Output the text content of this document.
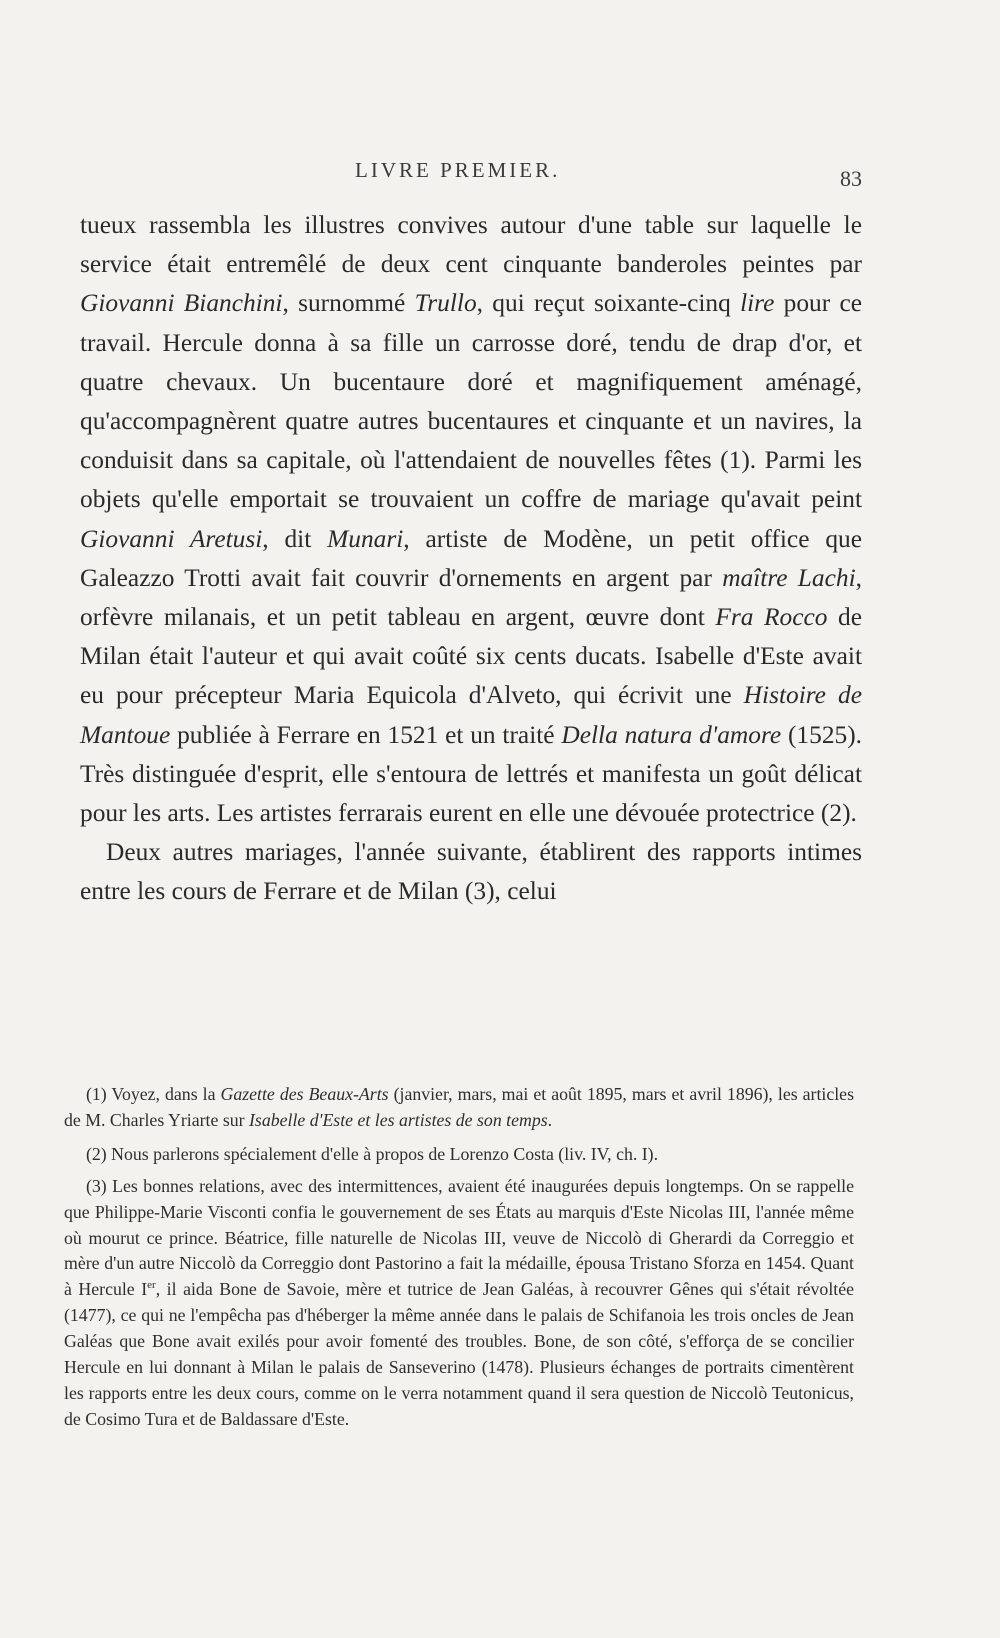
LIVRE PREMIER.	83

tueux rassembla les illustres convives autour d'une table sur laquelle le service était entremêlé de deux cent cinquante banderoles peintes par Giovanni Bianchini, surnommé Trullo, qui reçut soixante-cinq lire pour ce travail. Hercule donna à sa fille un carrosse doré, tendu de drap d'or, et quatre chevaux. Un bucentaure doré et magnifiquement aménagé, qu'accompagnèrent quatre autres bucentaures et cinquante et un navires, la conduisit dans sa capitale, où l'attendaient de nouvelles fêtes (1). Parmi les objets qu'elle emportait se trouvaient un coffre de mariage qu'avait peint Giovanni Aretusi, dit Munari, artiste de Modène, un petit office que Galeazzo Trotti avait fait couvrir d'ornements en argent par maître Lachi, orfèvre milanais, et un petit tableau en argent, œuvre dont Fra Rocco de Milan était l'auteur et qui avait coûté six cents ducats. Isabelle d'Este avait eu pour précepteur Maria Equicola d'Alveto, qui écrivit une Histoire de Mantoue publiée à Ferrare en 1521 et un traité Della natura d'amore (1525). Très distinguée d'esprit, elle s'entoura de lettrés et manifesta un goût délicat pour les arts. Les artistes ferrarais eurent en elle une dévouée protectrice (2).

Deux autres mariages, l'année suivante, établirent des rapports intimes entre les cours de Ferrare et de Milan (3), celui

(1) Voyez, dans la Gazette des Beaux-Arts (janvier, mars, mai et août 1895, mars et avril 1896), les articles de M. Charles Yriarte sur Isabelle d'Este et les artistes de son temps.

(2) Nous parlerons spécialement d'elle à propos de Lorenzo Costa (liv. IV, ch. I).

(3) Les bonnes relations, avec des intermittences, avaient été inaugurées depuis longtemps. On se rappelle que Philippe-Marie Visconti confia le gouvernement de ses États au marquis d'Este Nicolas III, l'année même où mourut ce prince. Béatrice, fille naturelle de Nicolas III, veuve de Niccolò di Gherardi da Correggio et mère d'un autre Niccolò da Correggio dont Pastorino a fait la médaille, épousa Tristano Sforza en 1454. Quant à Hercule Ier, il aida Bone de Savoie, mère et tutrice de Jean Galéas, à recouvrer Gênes qui s'était révoltée (1477), ce qui ne l'empêcha pas d'héberger la même année dans le palais de Schifanoia les trois oncles de Jean Galéas que Bone avait exilés pour avoir fomenté des troubles. Bone, de son côté, s'efforça de se concilier Hercule en lui donnant à Milan le palais de Sanseverino (1478). Plusieurs échanges de portraits cimentèrent les rapports entre les deux cours, comme on le verra notamment quand il sera question de Niccolò Teutonicus, de Cosimo Tura et de Baldassare d'Este.
